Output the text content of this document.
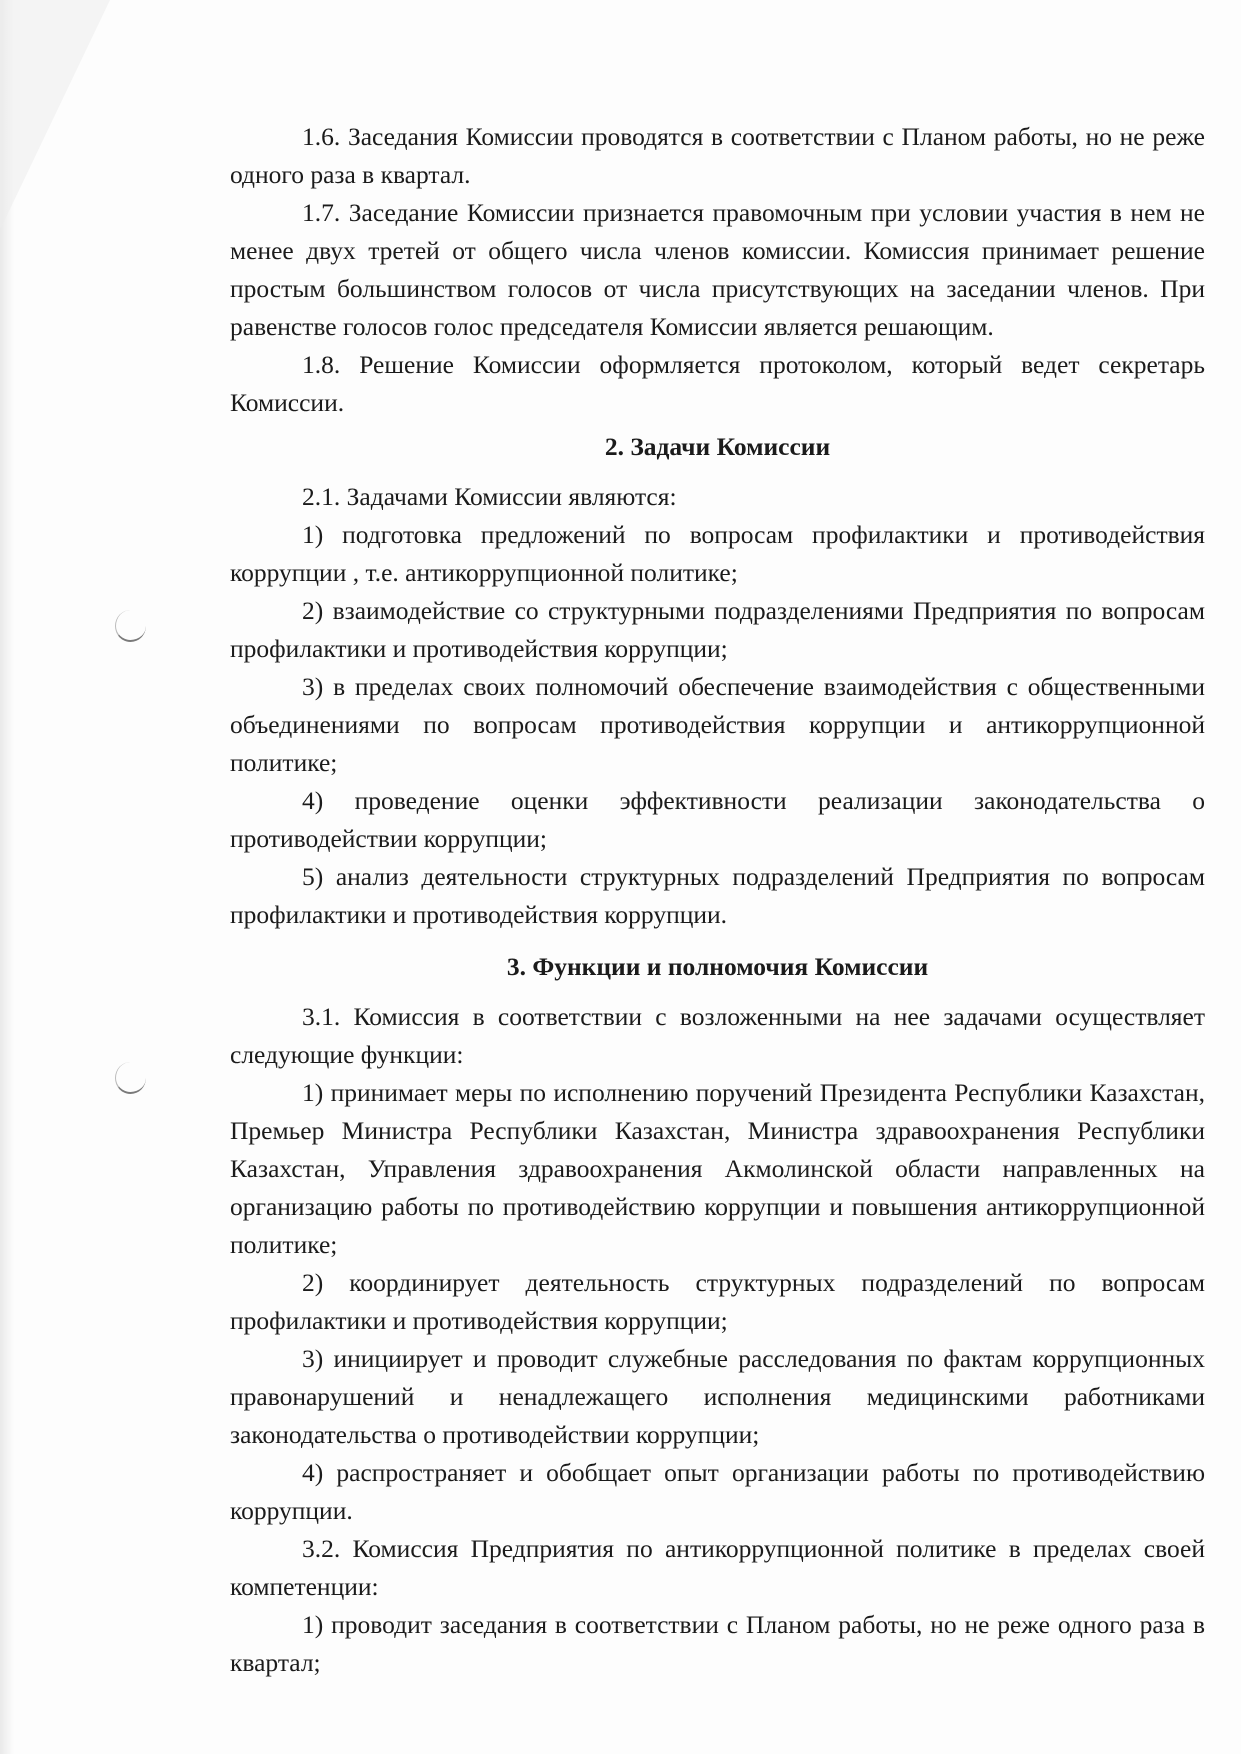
1.6. Заседания Комиссии проводятся в соответствии с Планом работы, но не реже одного раза в квартал.

1.7. Заседание Комиссии признается правомочным при условии участия в нем не менее двух третей от общего числа членов комиссии. Комиссия принимает решение простым большинством голосов от числа присутствующих на заседании членов. При равенстве голосов голос председателя Комиссии является решающим.

1.8. Решение Комиссии оформляется протоколом, который ведет секретарь Комиссии.

2. Задачи Комиссии

2.1. Задачами Комиссии являются:

1) подготовка предложений по вопросам профилактики и противодействия коррупции , т.е. антикоррупционной политике;

2) взаимодействие со структурными подразделениями Предприятия по вопросам профилактики и противодействия коррупции;

3) в пределах своих полномочий обеспечение взаимодействия с общественными объединениями по вопросам противодействия коррупции и антикоррупционной политике;

4) проведение оценки эффективности реализации законодательства о противодействии коррупции;

5) анализ деятельности структурных подразделений Предприятия по вопросам профилактики и противодействия коррупции.

3. Функции и полномочия Комиссии

3.1. Комиссия в соответствии с возложенными на нее задачами осуществляет следующие функции:

1) принимает меры по исполнению поручений Президента Республики Казахстан, Премьер Министра Республики Казахстан, Министра здравоохранения Республики Казахстан, Управления здравоохранения Акмолинской области направленных на организацию работы по противодействию коррупции и повышения антикоррупционной политике;

2) координирует деятельность структурных подразделений по вопросам профилактики и противодействия коррупции;

3) инициирует и проводит служебные расследования по фактам коррупционных правонарушений и ненадлежащего исполнения медицинскими работниками законодательства о противодействии коррупции;

4) распространяет и обобщает опыт организации работы по противодействию коррупции.

3.2. Комиссия Предприятия по антикоррупционной политике в пределах своей компетенции:

1) проводит заседания в соответствии с Планом работы, но не реже одного раза в квартал;
